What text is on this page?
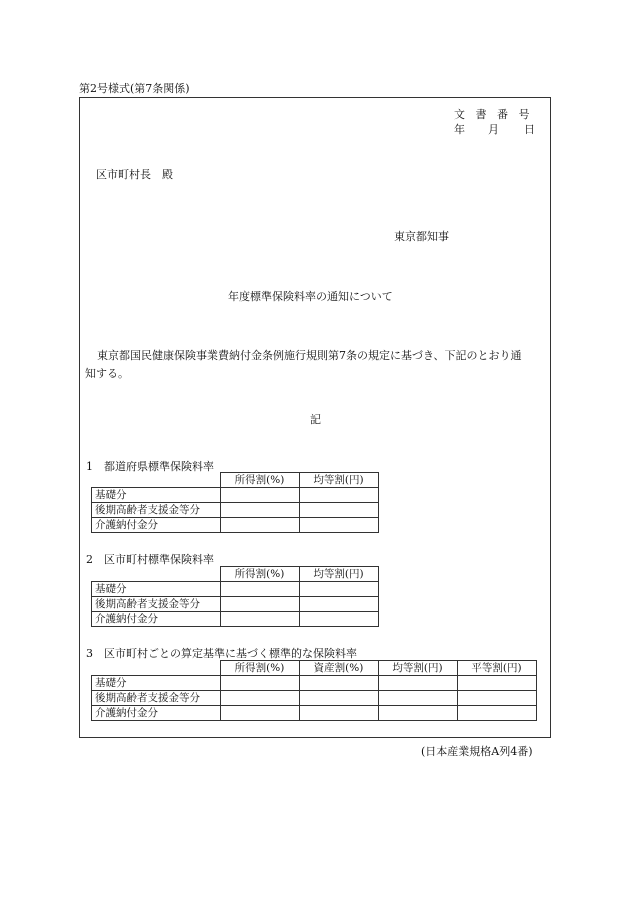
第2号様式(第7条関係)
文 書 番 号
年 月 日
区市町村長　殿
東京都知事
年度標準保険料率の通知について
東京都国民健康保険事業費納付金条例施行規則第7条の規定に基づき、下記のとおり通
知する。
記
1　都道府県標準保険料率
	所得割(%)	均等割(円)
基礎分		
後期高齢者支援金等分		
介護納付金分		
2　区市町村標準保険料率
	所得割(%)	均等割(円)
基礎分		
後期高齢者支援金等分		
介護納付金分		
3　区市町村ごとの算定基準に基づく標準的な保険料率
	所得割(%)	資産割(%)	均等割(円)	平等割(円)
基礎分				
後期高齢者支援金等分				
介護納付金分				
(日本産業規格A列4番)
